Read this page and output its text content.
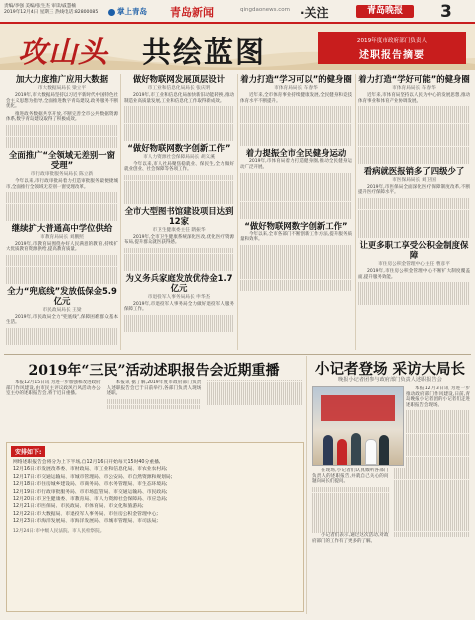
责编/李强 美编/张生杰 审读/戚慧楠
2019年12月4日 星期三 热线电话:82800085	掌上青岛 青岛新闻	qingdaonews.com ·关注	青岛晚报	3
攻山头 共绘蓝图	2019年度市政府部门负责人
述职报告摘要
加大力度推广应用大数据
市大数据局局长 梁立平

2019年,市大数据局坚持以习近平新时代中国特色社会主义思想为指导,全面推进数字青岛建设,政务服务不断优化。

推进政务数据共享开放,不断完善全市公共数据资源体系,数字青岛建设取得了积极成效。

全面推广“全领域无差别一窗受理”
市行政审批服务局局长 陈立新

今年以来,市行政审批局着力打造审批服务最便捷城市,全面推行全领域无差别一窗受理改革。

继续扩大普通高中学位供给
市教育局局长 刘鹏照

2019年,市教育局围绕办好人民满意的教育,持续扩大优质教育资源供给,提高教育质量。

全力“兜底线”发放低保金5.9亿元
市民政局局长 王梁

2019年,市民政局全力“兜底线”,保障困难群众基本生活。

做好物联网发展顶层设计
市工业和信息化局局长 张庆明

2019年,市工业和信息化局加快新旧动能转换,推动制造业高质量发展,工业和信息化工作取得新成效。

“做好物联网数字创新工作”
市人力资源社会保障局局长 胡义溪

今年以来,市人社局聚焦稳就业、保民生,全力做好就业创业、社会保障等各项工作。

全市大型图书馆建设项目达到12家
市卫生健康委主任 隋振华

2019年,全市卫生健康系统深化医改,优化医疗资源布局,提升群众就医获得感。

为义务兵家庭发放优待金1.7亿元
市退役军人事务局局长 申华杰

2019年,市退役军人事务局全力做好退役军人服务保障工作。

着力打造“学习可以”的健身圈
市体育局局长 车春华

近年来,全市体育事业持续健康发展,全民健身和竞技体育水平不断提升。

着力提振全市全民健身运动

2019年,市体育局着力打造健身圈,推动全民健身运动广泛开展。

“做好物联网数字创新工作”

今年以来,全市各部门不断创新工作方法,提升服务质量和效率。

着力打造“学好可能”的健身圈
市体育局局长 车春华

近年来,市体育局坚持以人民为中心的发展思想,推动体育事业和体育产业协调发展。

看病就医报销多了四级少了
市医保局局长 刘卫国

2019年,市医保局全面深化医疗保障制度改革,不断提升医疗保障水平。

让更多职工享受公积金制度保障
市住房公积金管理中心主任 曹彦平

2019年,市住房公积金管理中心不断扩大制度覆盖面,提升服务效能。

2019年“三民”活动述职报告会近期重播

本报12月15日讯 为进一步加强和改进政府部门作风建设,由市民主评议政风行风活动办公室主办的述职报告会,将于近日重播。

本报讯 据了解,2019年度市政府部门负责人述职报告会已于日前举行,各部门负责人现场述职。

安排如下:
网络述职报告会将分为上下半场,自12月16日开始每天15时40分重播,
12月16日:市发展改革委、市财政局、市工业和信息化局、市农业农村局;
12月17日:市交通运输局、市城市管理局、市公安局、市自然资源和规划局;
12月18日:市住房城乡建设局、市商务局、市水务管理局、市生态环境局;
12月19日:市行政审批服务局、市市场监管局、市交通运输局、市民政局;
12月20日:市卫生健康委、市教育局、市人力资源社会保障局、市应急局;
12月21日:市医保局、市民政局、市体育局、市文化和旅游局;
12月22日:市大数据局、市退役军人事务局、市住房公积金管理中心;
12月23日:市海洋发展局、市海洋发展局、市城市管理局、市司法局;
12月24日:市中级人民法院、市人民检察院。
小记者登场 采访大局长
晚报小记者团参与政府部门负责人述职报告会

本报12月3日讯 为进一步推动政府部门作风建设,日前,青岛晚报小记者团的小记者们走进述职报告会现场。

在现场,小记者们认真倾听各部门负责人的述职报告,并就自己关心的问题向局长们提问。

小记者们表示,通过这次活动,对政府部门的工作有了更多的了解。
